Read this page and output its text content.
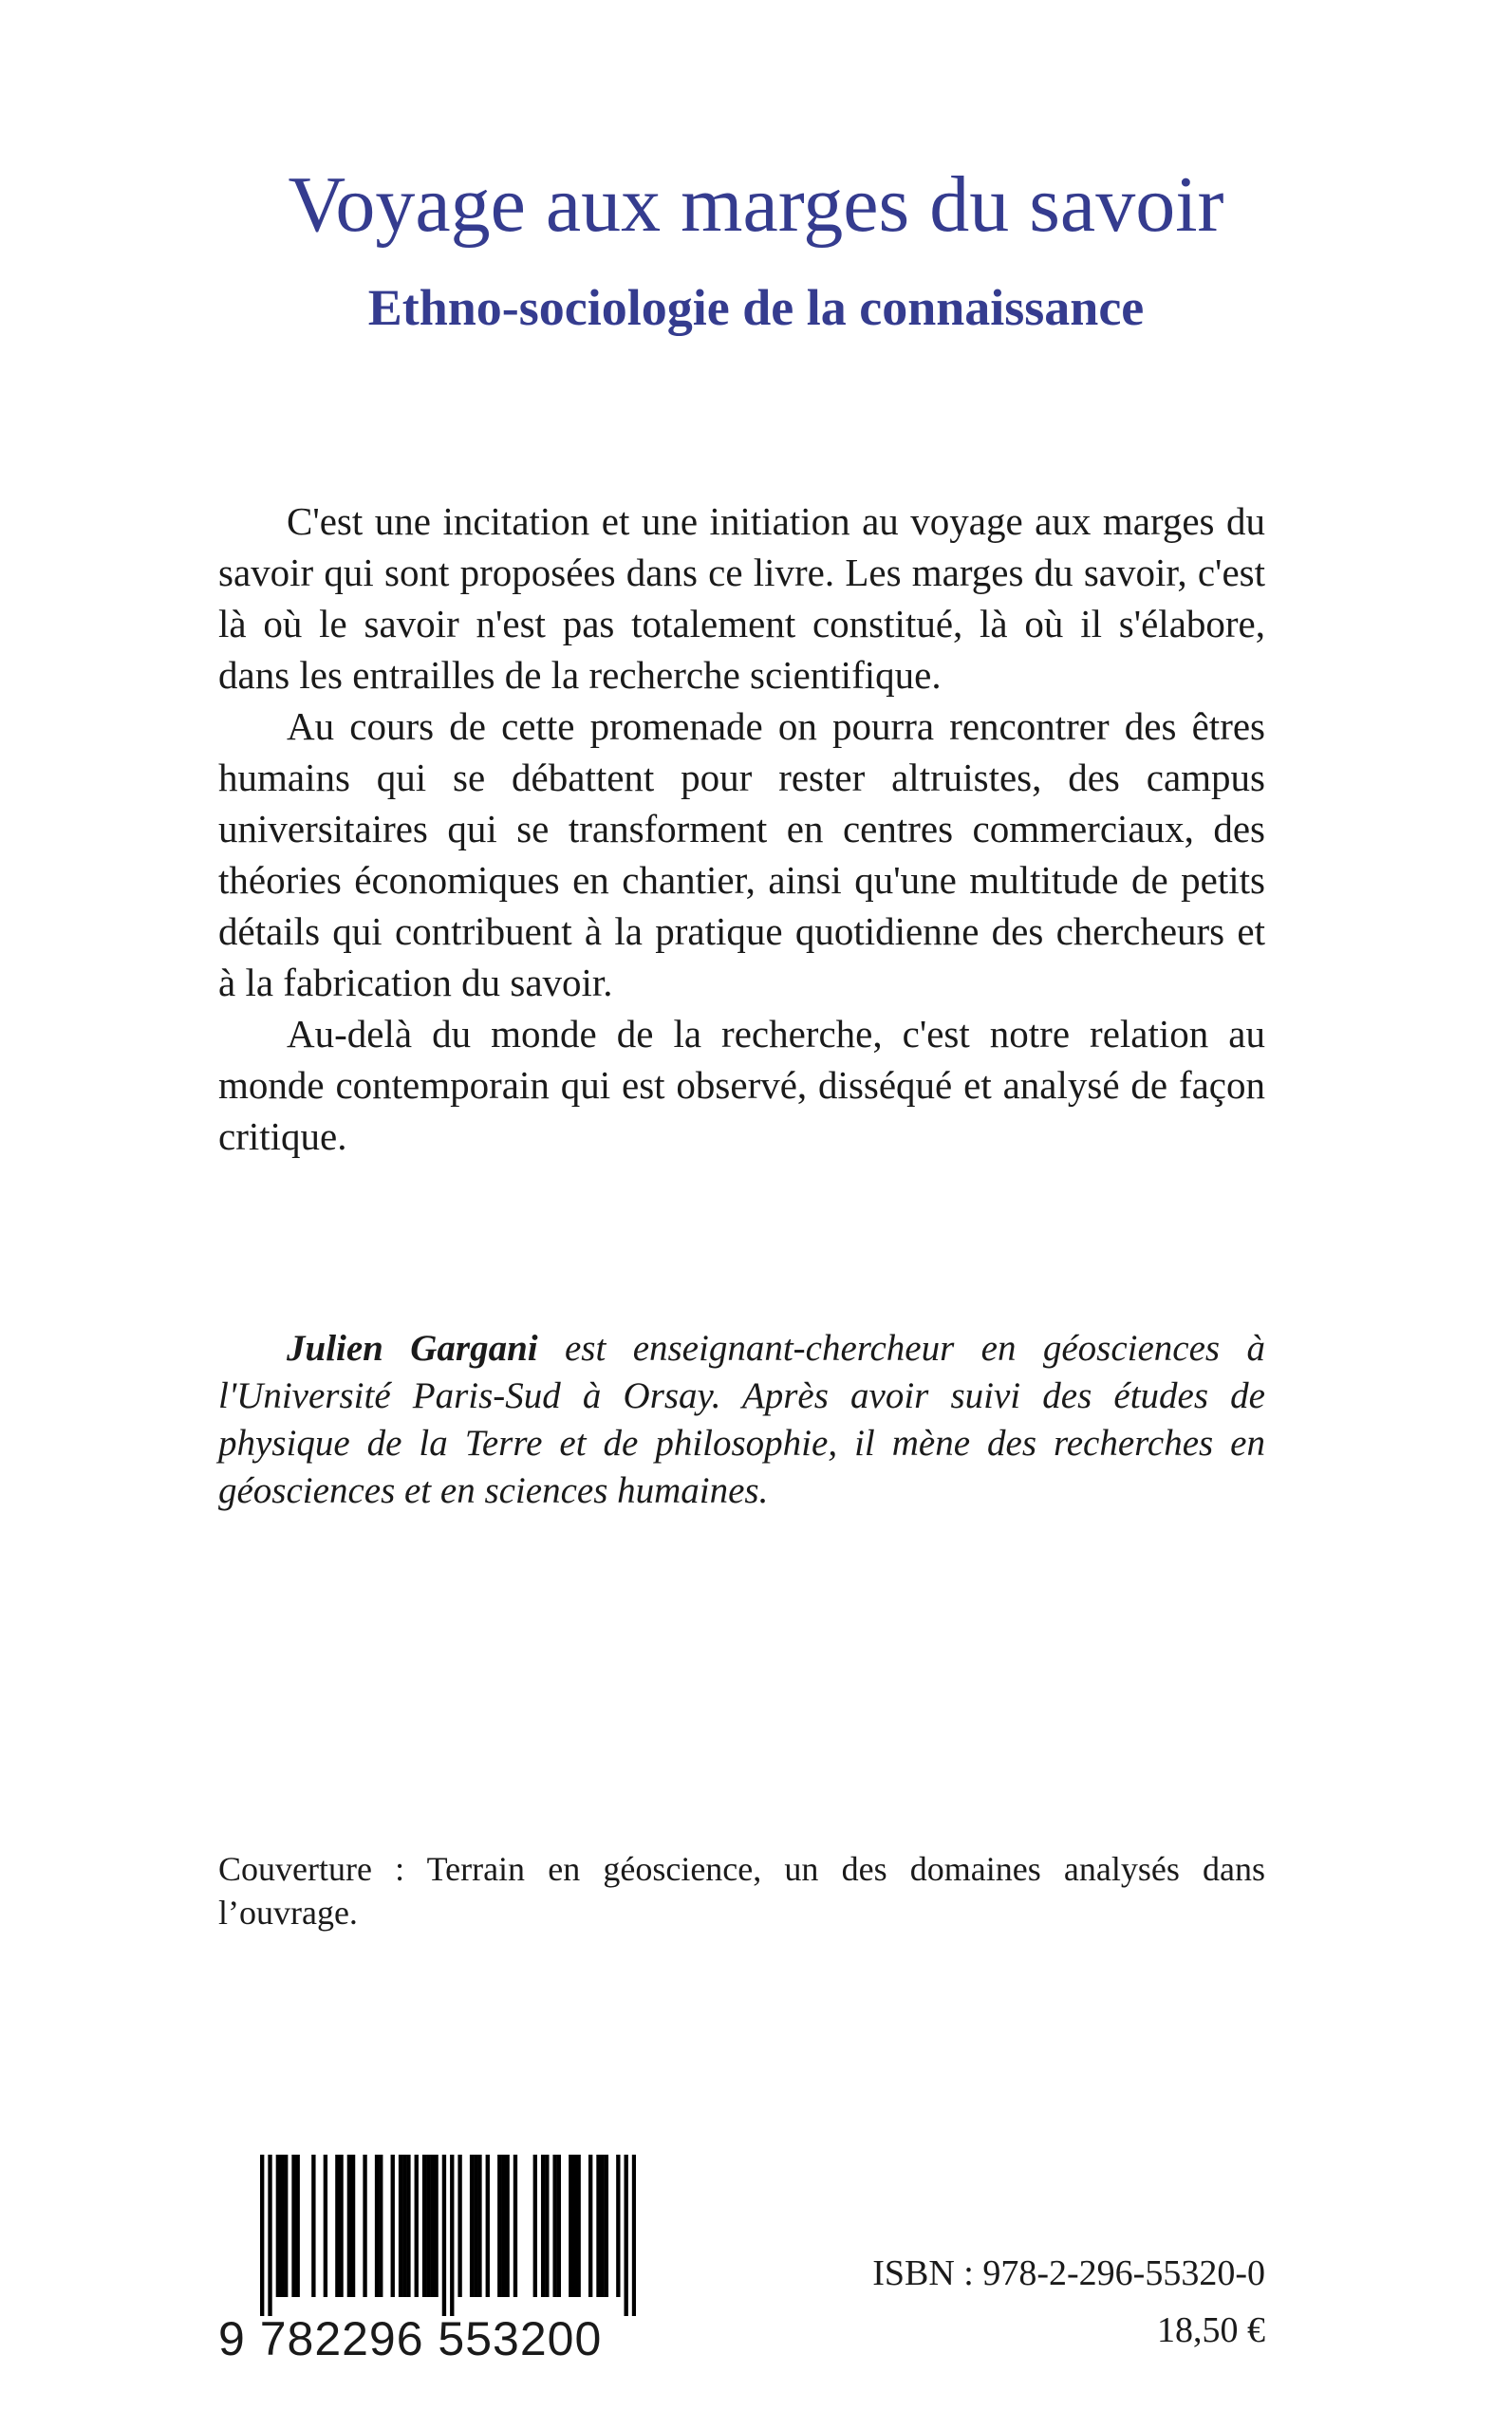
Voyage aux marges du savoir
Ethno-sociologie de la connaissance

C'est une incitation et une initiation au voyage aux marges du savoir qui sont proposées dans ce livre. Les marges du savoir, c'est là où le savoir n'est pas totalement constitué, là où il s'élabore, dans les entrailles de la recherche scientifique.

Au cours de cette promenade on pourra rencontrer des êtres humains qui se débattent pour rester altruistes, des campus universitaires qui se transforment en centres commerciaux, des théories économiques en chantier, ainsi qu'une multitude de petits détails qui contribuent à la pratique quotidienne des chercheurs et à la fabrication du savoir.

Au-delà du monde de la recherche, c'est notre relation au monde contemporain qui est observé, disséqué et analysé de façon critique.

Julien Gargani est enseignant-chercheur en géosciences à l'Université Paris-Sud à Orsay. Après avoir suivi des études de physique de la Terre et de philosophie, il mène des recherches en géosciences et en sciences humaines.

Couverture : Terrain en géoscience, un des domaines analysés dans l’ouvrage.

9 782296 553200
ISBN : 978-2-296-55320-0
18,50 €
